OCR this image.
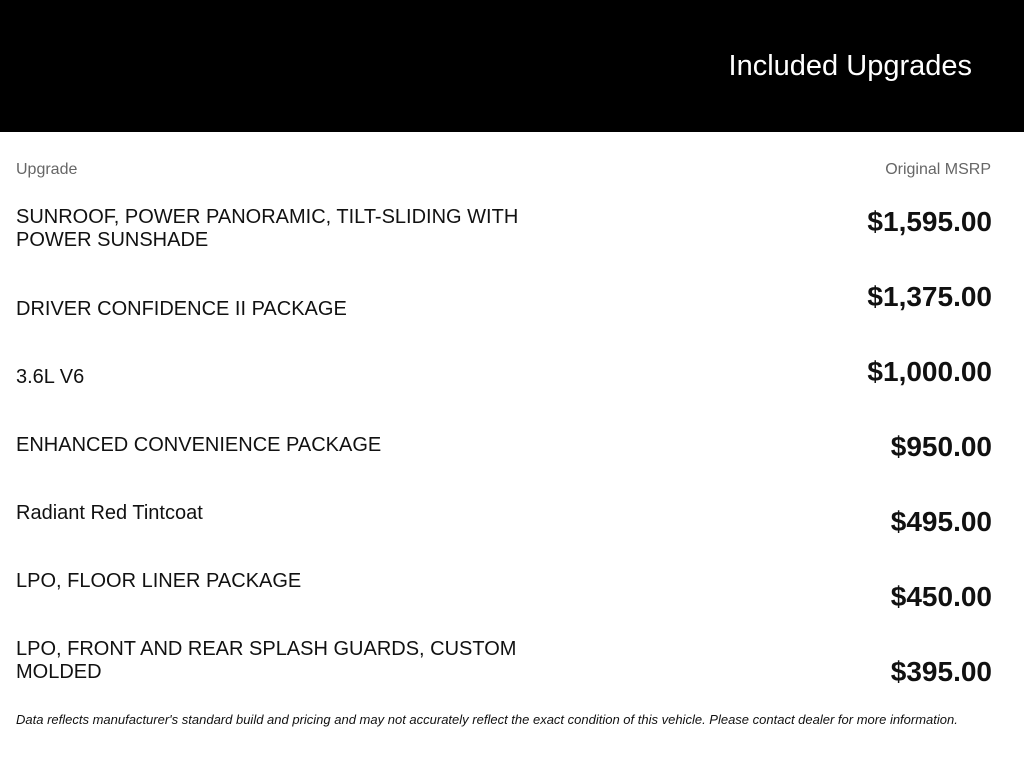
Included Upgrades
Upgrade	Original MSRP
SUNROOF, POWER PANORAMIC, TILT-SLIDING WITH POWER SUNSHADE
DRIVER CONFIDENCE II PACKAGE
3.6L V6
ENHANCED CONVENIENCE PACKAGE
Radiant Red Tintcoat
LPO, FLOOR LINER PACKAGE
LPO, FRONT AND REAR SPLASH GUARDS, CUSTOM MOLDED
$1,595.00
$1,375.00
$1,000.00
$950.00
$495.00
$450.00
$395.00
Data reflects manufacturer's standard build and pricing and may not accurately reflect the exact condition of this vehicle. Please contact dealer for more information.
